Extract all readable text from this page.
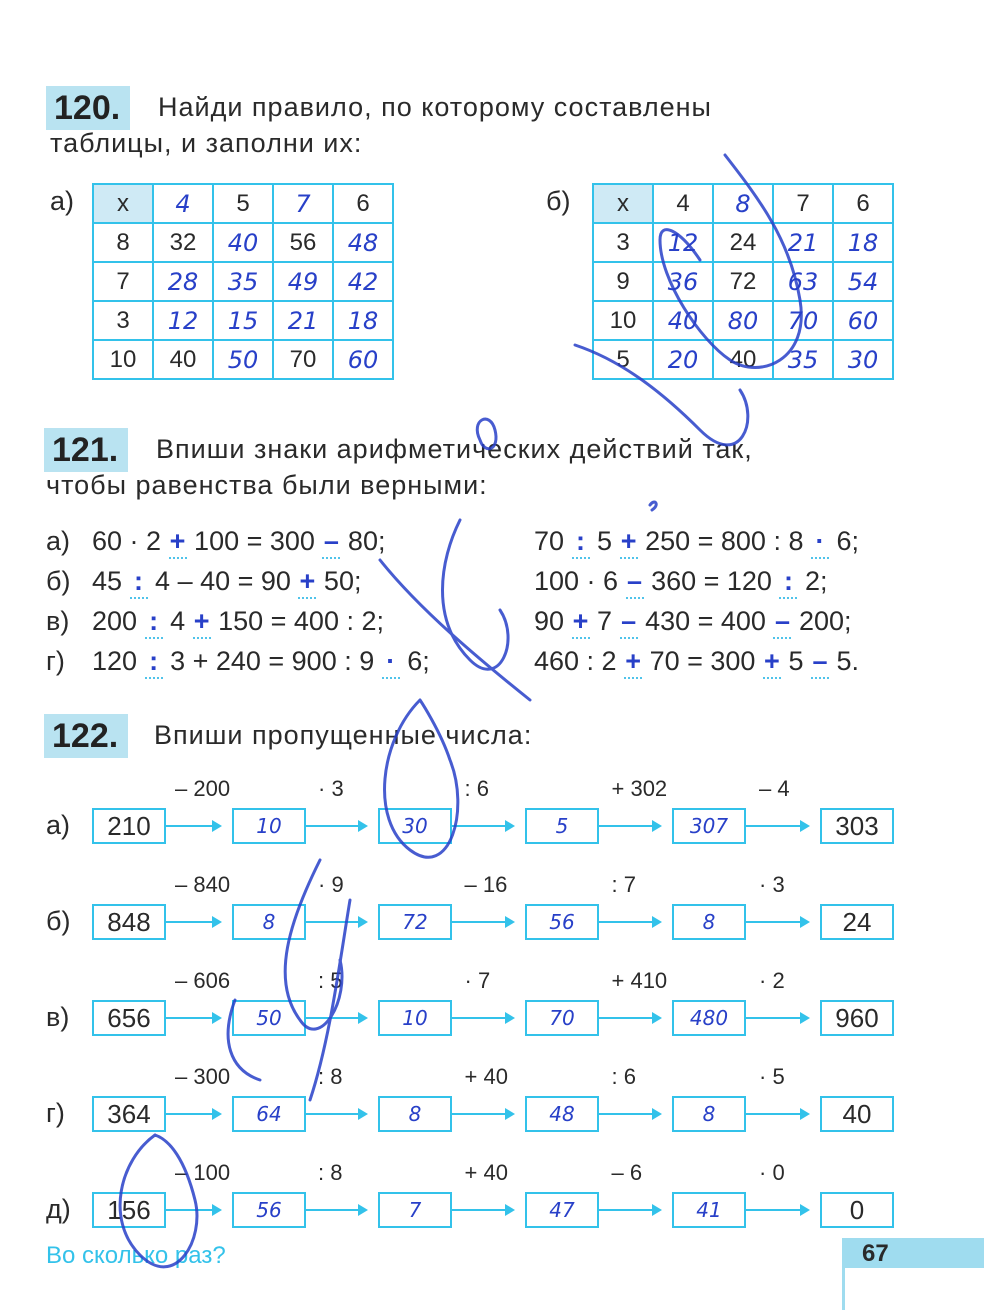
120.	Найди правило, по которому составлены
таблицы, и заполни их:
а) x	4	5	7	6
8	32	40	56	48
7	28	35	49	42
3	12	15	21	18
10	40	50	70	60
б) x	4	8	7	6
3	12	24	21	18
9	36	72	63	54
10	40	80	70	60
5	20	40	35	30
121.	Впиши знаки арифметических действий так,
чтобы равенства были верными:
а) 60 · 2 + 100 = 300 – 80;	70 : 5 + 250 = 800 : 8 · 6;
б) 45 : 4 – 40 = 90 + 50;	100 · 6 – 360 = 120 : 2;
в) 200 : 4 + 150 = 400 : 2;	90 + 7 – 430 = 400 – 200;
г) 120 : 3 + 240 = 900 : 9 · 6;	460 : 2 + 70 = 300 + 5 – 5.
122.	Впиши пропущенные числа:
а)	210	10	30	5	307	303
– 200	· 3	: 6	+ 302	– 4
б)	848	8	72	56	8	24
– 840	· 9	– 16	: 7	· 3
в)	656	50	10	70	480	960
– 606	: 5	· 7	+ 410	· 2
г)	364	64	8	48	8	40
– 300	: 8	+ 40	: 6	· 5
д)	156	56	7	47	41	0
– 100	: 8	+ 40	– 6	· 0
Во сколько раз?	67
